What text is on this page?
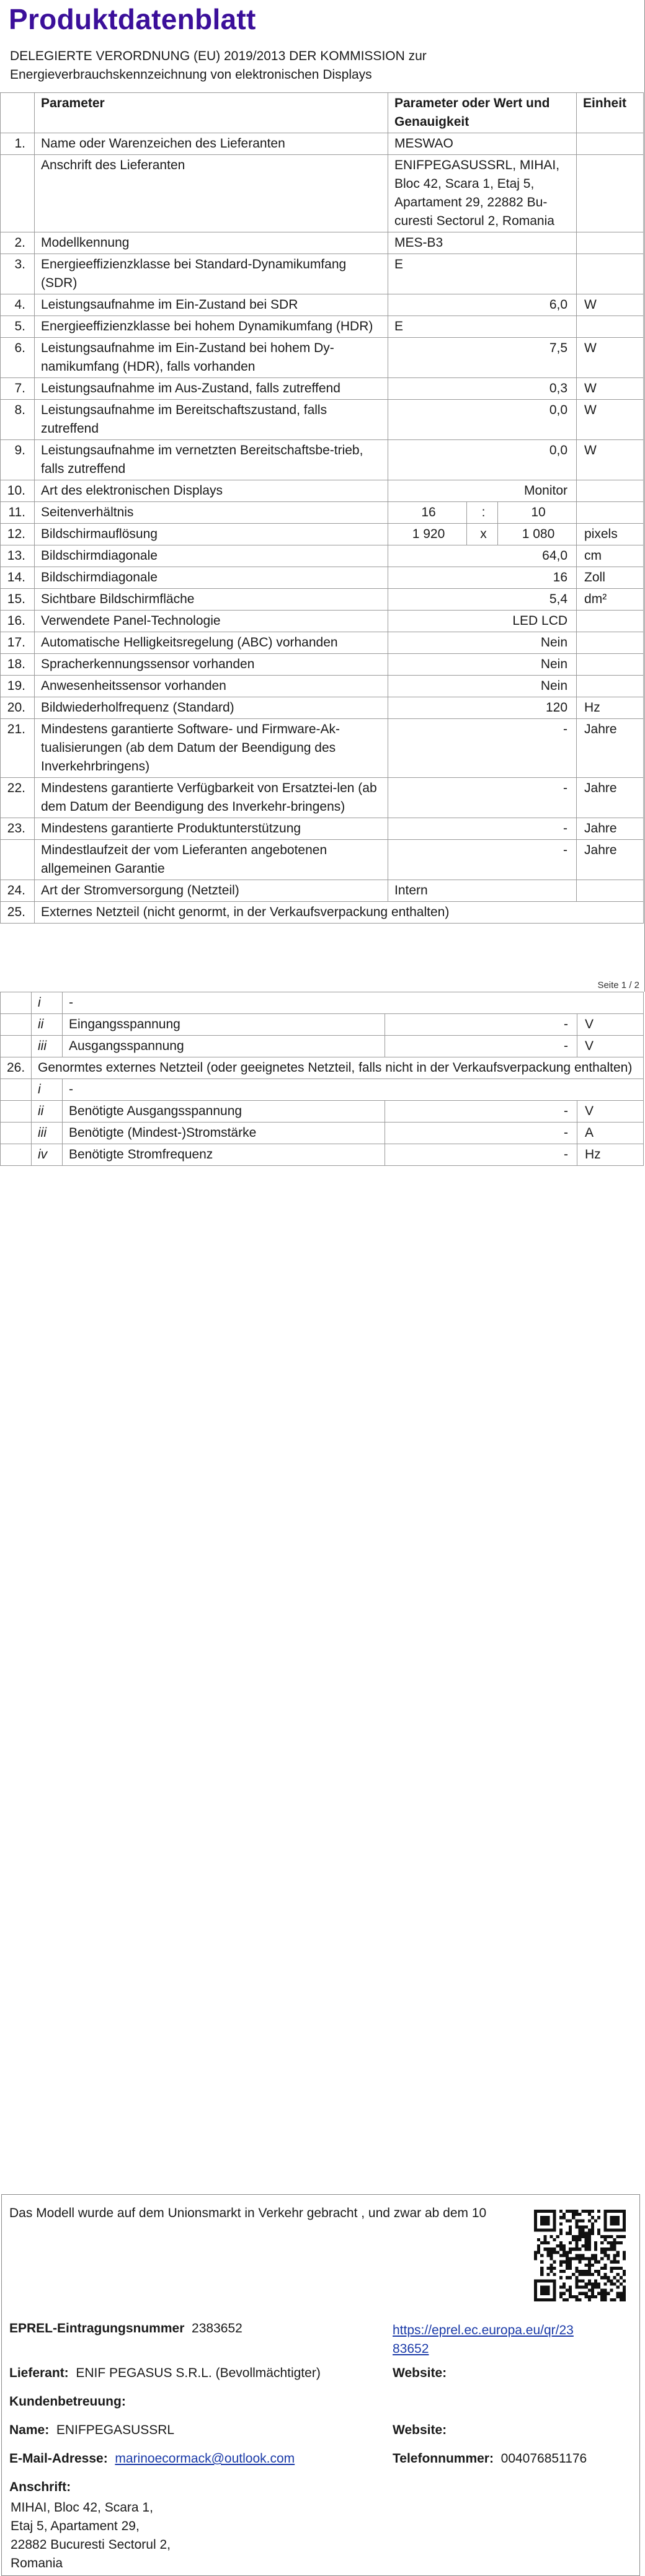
Produktdatenblatt
DELEGIERTE VERORDNUNG (EU) 2019/2013 DER KOMMISSION zur
Energieverbrauchskennzeichnung von elektronischen Displays
	Parameter	Parameter oder Wert und Genauigkeit			Einheit
1.	Name oder Warenzeichen des Lieferanten	MESWAO			
	Anschrift des Lieferanten	ENIFPEGASUSSRL, MIHAI, Bloc 42, Scara 1, Etaj 5, Apartament 29, 22882 Bu-curesti Sectorul 2, Romania			
2.	Modellkennung	MES-B3			
3.	Energieeffizienzklasse bei Standard-Dynamikumfang (SDR)	E			
4.	Leistungsaufnahme im Ein-Zustand bei SDR	6,0			W
5.	Energieeffizienzklasse bei hohem Dynamikumfang (HDR)	E			
6.	Leistungsaufnahme im Ein-Zustand bei hohem Dy-namikumfang (HDR), falls vorhanden	7,5			W
7.	Leistungsaufnahme im Aus-Zustand, falls zutreffend	0,3			W
8.	Leistungsaufnahme im Bereitschaftszustand, falls zutreffend	0,0			W
9.	Leistungsaufnahme im vernetzten Bereitschaftsbe-trieb, falls zutreffend	0,0			W
10.	Art des elektronischen Displays	Monitor			
11.	Seitenverhältnis	16	:	10	
12.	Bildschirmauflösung	1 920	x	1 080	pixels
13.	Bildschirmdiagonale	64,0			cm
14.	Bildschirmdiagonale	16			Zoll
15.	Sichtbare Bildschirmfläche	5,4			dm²
16.	Verwendete Panel-Technologie	LED LCD			
17.	Automatische Helligkeitsregelung (ABC) vorhanden	Nein			
18.	Spracherkennungssensor vorhanden	Nein			
19.	Anwesenheitssensor vorhanden	Nein			
20.	Bildwiederholfrequenz (Standard)	120			Hz
21.	Mindestens garantierte Software- und Firmware-Ak-tualisierungen (ab dem Datum der Beendigung des Inverkehrbringens)	-			Jahre
22.	Mindestens garantierte Verfügbarkeit von Ersatztei-len (ab dem Datum der Beendigung des Inverkehr-bringens)	-			Jahre
23.	Mindestens garantierte Produktunterstützung	-			Jahre
	Mindestlaufzeit der vom Lieferanten angebotenen allgemeinen Garantie	-			Jahre
24.	Art der Stromversorgung (Netzteil)	Intern			
25.	Externes Netzteil (nicht genormt, in der Verkaufsverpackung enthalten)				
Seite 1 / 2
	i	-		
	ii	Eingangsspannung	-	V
	iii	Ausgangsspannung	-	V
26.	Genormtes externes Netzteil (oder geeignetes Netzteil, falls nicht in der Verkaufsverpackung enthalten)			
	i	-		
	ii	Benötigte Ausgangsspannung	-	V
	iii	Benötigte (Mindest-)Stromstärke	-	A
	iv	Benötigte Stromfrequenz	-	Hz
Das Modell wurde auf dem Unionsmarkt in Verkehr gebracht , und zwar ab dem 10
EPREL-Eintragungsnummer 2383652	https://eprel.ec.europa.eu/qr/23
83652
Lieferant: ENIF PEGASUS S.R.L. (Bevollmächtigter)	Website:
Kundenbetreuung:
Name: ENIFPEGASUSSRL	Website:
E-Mail-Adresse: marinoecormack@outlook.com	Telefonnummer: 004076851176
Anschrift:
MIHAI, Bloc 42, Scara 1,
Etaj 5, Apartament 29,
22882 Bucuresti Sectorul 2,
Romania
